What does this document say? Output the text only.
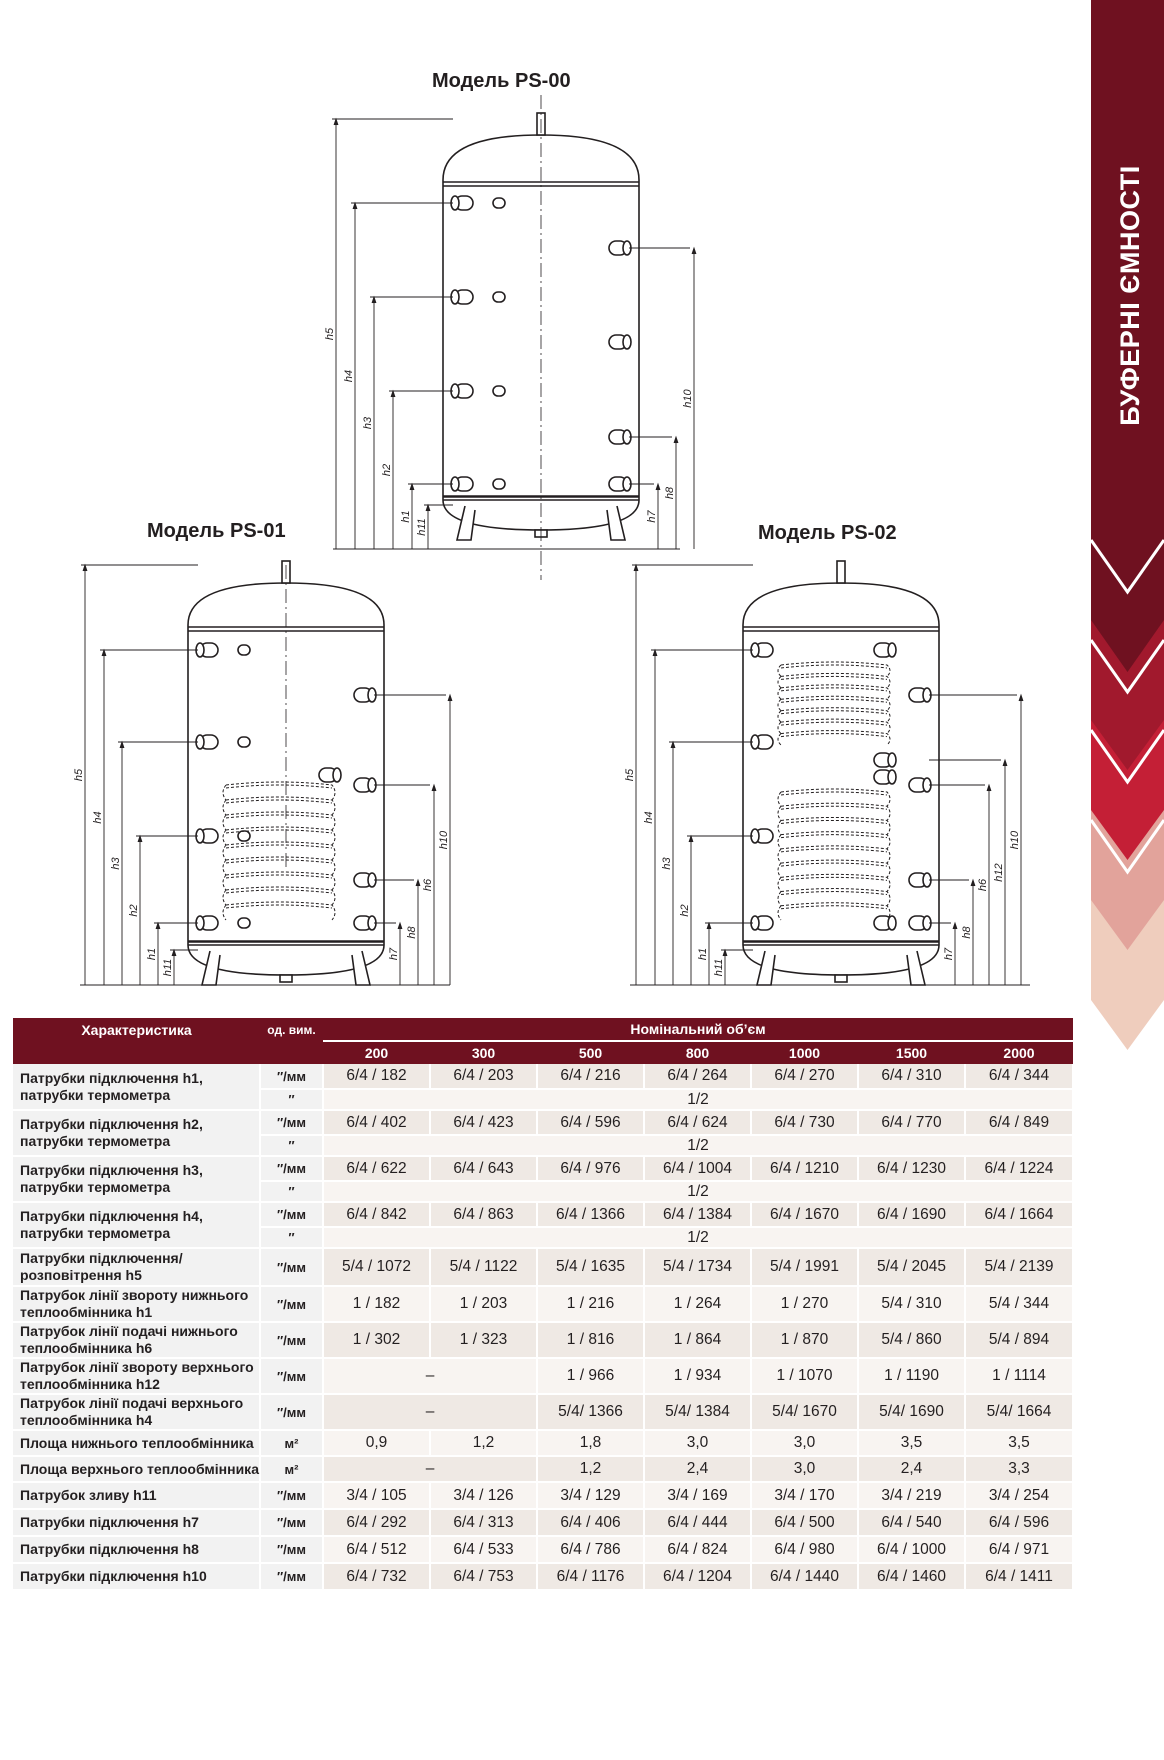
БУФЕРНІ ЄМНОСТІ
Модель PS-00
Модель PS-01	Модель PS-02
h5
h4
h3
h2
h1
h11
h7
h8
h10
h5
h4
h3
h2
h1
h11
h7
h8
h6
h10
h5
h4
h3
h2
h1
h11
h7
h8
h6
h12
h10
Характеристика	од. вим.	Номінальний об’єм						
		200	300	500	800	1000	1500	2000
Патрубки підключення h1, патрубки термометра	″/мм	6/4 / 182	6/4 / 203	6/4 / 216	6/4 / 264	6/4 / 270	6/4 / 310	6/4 / 344
	″	1/2						
Патрубки підключення h2, патрубки термометра	″/мм	6/4 / 402	6/4 / 423	6/4 / 596	6/4 / 624	6/4 / 730	6/4 / 770	6/4 / 849
	″	1/2						
Патрубки підключення h3, патрубки термометра	″/мм	6/4 / 622	6/4 / 643	6/4 / 976	6/4 / 1004	6/4 / 1210	6/4 / 1230	6/4 / 1224
	″	1/2						
Патрубки підключення h4, патрубки термометра	″/мм	6/4 / 842	6/4 / 863	6/4 / 1366	6/4 / 1384	6/4 / 1670	6/4 / 1690	6/4 / 1664
	″	1/2						
Патрубки підключення/ розповітрення h5	″/мм	5/4 / 1072	5/4 / 1122	5/4 / 1635	5/4 / 1734	5/4 / 1991	5/4 / 2045	5/4 / 2139
Патрубок лінії звороту нижнього теплообмінника h1	″/мм	1 / 182	1 / 203	1 / 216	1 / 264	1 / 270	5/4 / 310	5/4 / 344
Патрубок лінії подачі нижнього теплообмінника h6	″/мм	1 / 302	1 / 323	1 / 816	1 / 864	1 / 870	5/4 / 860	5/4 / 894
Патрубок лінії звороту верхнього теплообмінника h12	″/мм	–		1 / 966	1 / 934	1 / 1070	1 / 1190	1 / 1114
Патрубок лінії подачі верхнього теплообмінника h4	″/мм	–		5/4/ 1366	5/4/ 1384	5/4/ 1670	5/4/ 1690	5/4/ 1664
Площа нижнього теплообмінника	м²	0,9	1,2	1,8	3,0	3,0	3,5	3,5
Площа верхнього теплообмінника	м²	–		1,2	2,4	3,0	2,4	3,3
Патрубок зливу h11	″/мм	3/4 / 105	3/4 / 126	3/4 / 129	3/4 / 169	3/4 / 170	3/4 / 219	3/4 / 254
Патрубки підключення h7	″/мм	6/4 / 292	6/4 / 313	6/4 / 406	6/4 / 444	6/4 / 500	6/4 / 540	6/4 / 596
Патрубки підключення h8	″/мм	6/4 / 512	6/4 / 533	6/4 / 786	6/4 / 824	6/4 / 980	6/4 / 1000	6/4 / 971
Патрубки підключення h10	″/мм	6/4 / 732	6/4 / 753	6/4 / 1176	6/4 / 1204	6/4 / 1440	6/4 / 1460	6/4 / 1411
